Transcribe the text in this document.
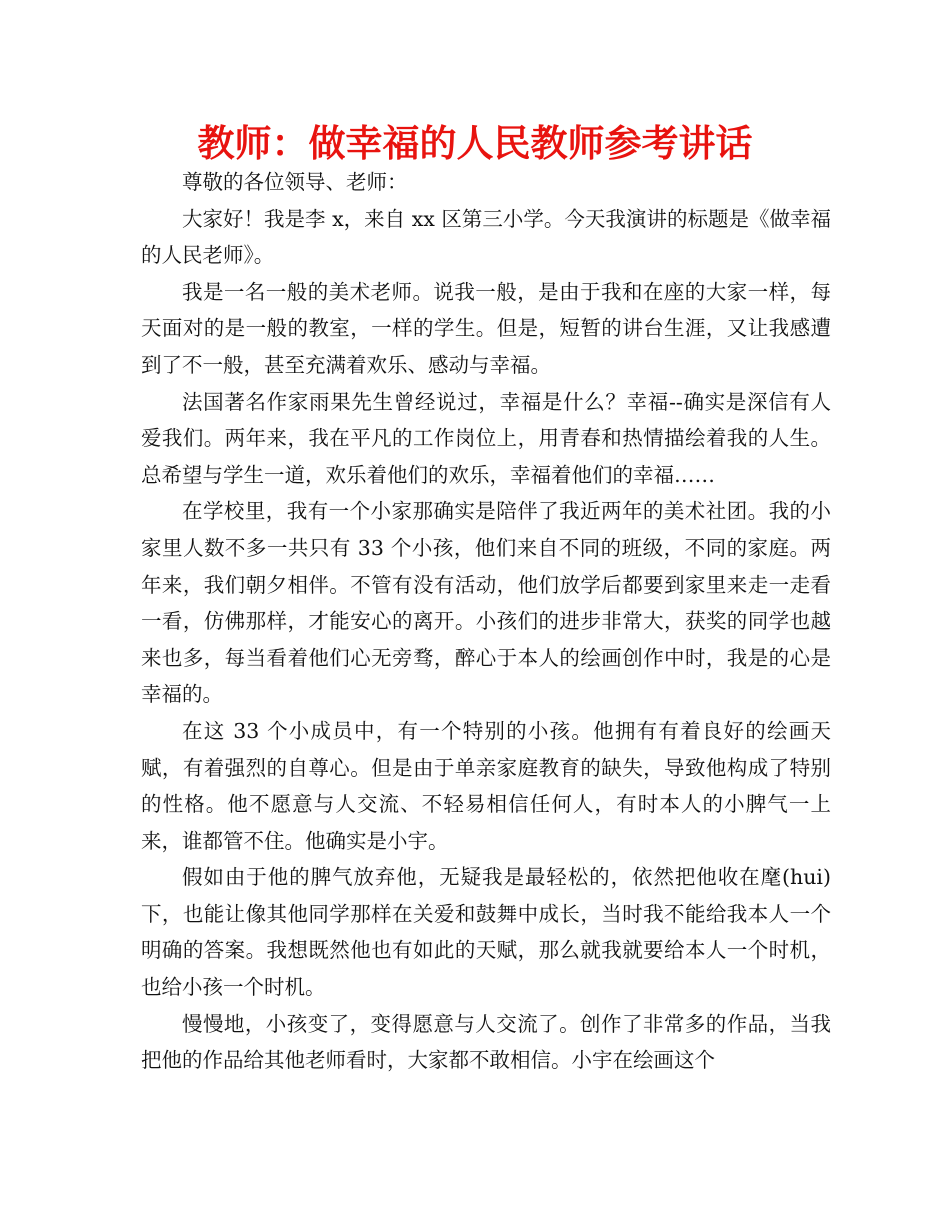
教师：做幸福的人民教师参考讲话

尊敬的各位领导、老师：

大家好！我是李 x，来自 xx 区第三小学。今天我演讲的标题是《做幸福的人民老师》。

我是一名一般的美术老师。说我一般，是由于我和在座的大家一样，每天面对的是一般的教室，一样的学生。但是，短暂的讲台生涯，又让我感遭到了不一般，甚至充满着欢乐、感动与幸福。

法国著名作家雨果先生曾经说过，幸福是什么？幸福--确实是深信有人爱我们。两年来，我在平凡的工作岗位上，用青春和热情描绘着我的人生。总希望与学生一道，欢乐着他们的欢乐，幸福着他们的幸福……

在学校里，我有一个小家那确实是陪伴了我近两年的美术社团。我的小家里人数不多一共只有 33 个小孩，他们来自不同的班级，不同的家庭。两年来，我们朝夕相伴。不管有没有活动，他们放学后都要到家里来走一走看一看，仿佛那样，才能安心的离开。小孩们的进步非常大，获奖的同学也越来也多，每当看着他们心无旁骛，醉心于本人的绘画创作中时，我是的心是幸福的。

在这 33 个小成员中，有一个特别的小孩。他拥有有着良好的绘画天赋，有着强烈的自尊心。但是由于单亲家庭教育的缺失，导致他构成了特别的性格。他不愿意与人交流、不轻易相信任何人，有时本人的小脾气一上来，谁都管不住。他确实是小宇。

假如由于他的脾气放弃他，无疑我是最轻松的，依然把他收在麾(hui)下，也能让像其他同学那样在关爱和鼓舞中成长，当时我不能给我本人一个明确的答案。我想既然他也有如此的天赋，那么就我就要给本人一个时机，也给小孩一个时机。

慢慢地，小孩变了，变得愿意与人交流了。创作了非常多的作品，当我把他的作品给其他老师看时，大家都不敢相信。小宇在绘画这个
